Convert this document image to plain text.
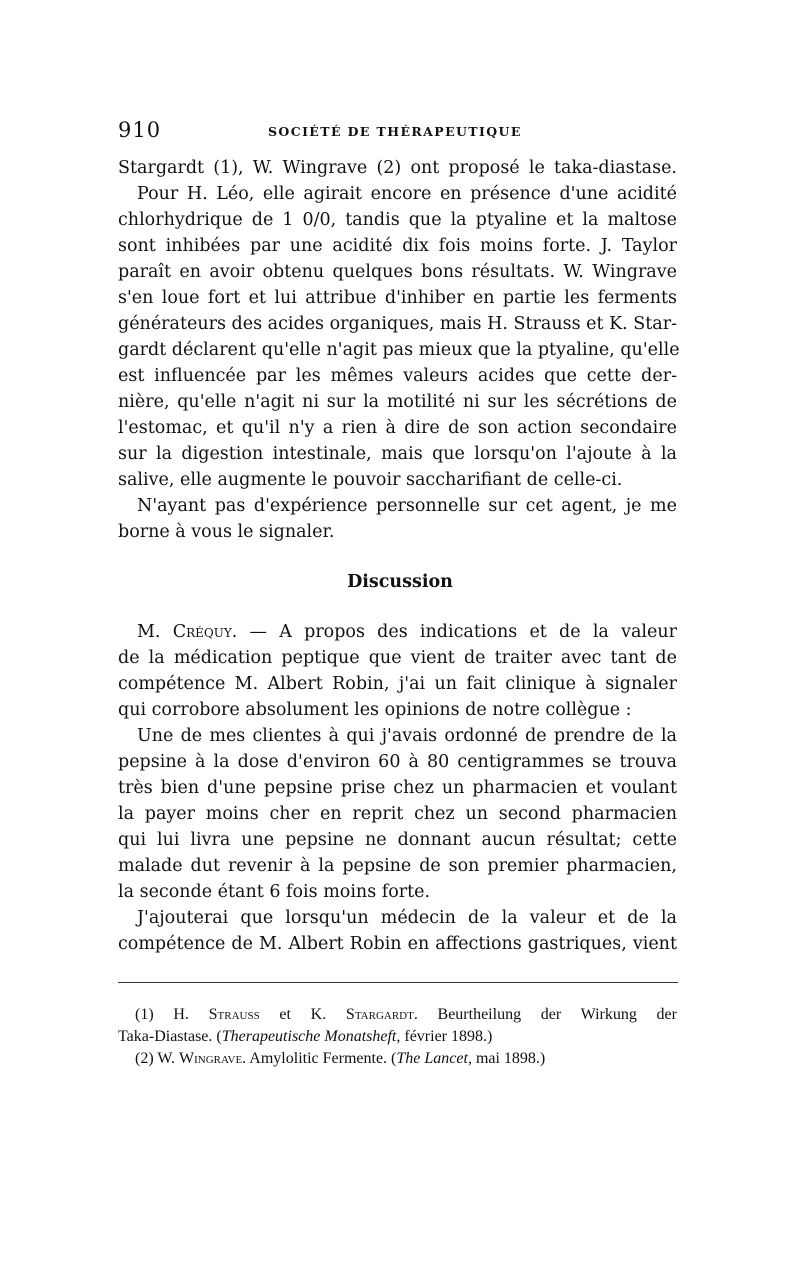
910	SOCIÉTÉ DE THÉRAPEUTIQUE
Stargardt (1), W. Wingrave (2) ont proposé le taka-diastase.
Pour H. Léo, elle agirait encore en présence d'une acidité
chlorhydrique de 1 0/0, tandis que la ptyaline et la maltose
sont inhibées par une acidité dix fois moins forte. J. Taylor
paraît en avoir obtenu quelques bons résultats. W. Wingrave
s'en loue fort et lui attribue d'inhiber en partie les ferments
générateurs des acides organiques, mais H. Strauss et K. Star-
gardt déclarent qu'elle n'agit pas mieux que la ptyaline, qu'elle
est influencée par les mêmes valeurs acides que cette der-
nière, qu'elle n'agit ni sur la motilité ni sur les sécrétions de
l'estomac, et qu'il n'y a rien à dire de son action secondaire
sur la digestion intestinale, mais que lorsqu'on l'ajoute à la
salive, elle augmente le pouvoir saccharifiant de celle-ci.
N'ayant pas d'expérience personnelle sur cet agent, je me
borne à vous le signaler.
Discussion
M. Créquy. — A propos des indications et de la valeur
de la médication peptique que vient de traiter avec tant de
compétence M. Albert Robin, j'ai un fait clinique à signaler
qui corrobore absolument les opinions de notre collègue :
Une de mes clientes à qui j'avais ordonné de prendre de la
pepsine à la dose d'environ 60 à 80 centigrammes se trouva
très bien d'une pepsine prise chez un pharmacien et voulant
la payer moins cher en reprit chez un second pharmacien
qui lui livra une pepsine ne donnant aucun résultat; cette
malade dut revenir à la pepsine de son premier pharmacien,
la seconde étant 6 fois moins forte.
J'ajouterai que lorsqu'un médecin de la valeur et de la
compétence de M. Albert Robin en affections gastriques, vient
(1) H. Strauss et K. Stargardt. Beurtheilung der Wirkung der
Taka-Diastase. (Therapeutische Monatsheft, février 1898.)
(2) W. Wingrave. Amylolitic Fermente. (The Lancet, mai 1898.)
